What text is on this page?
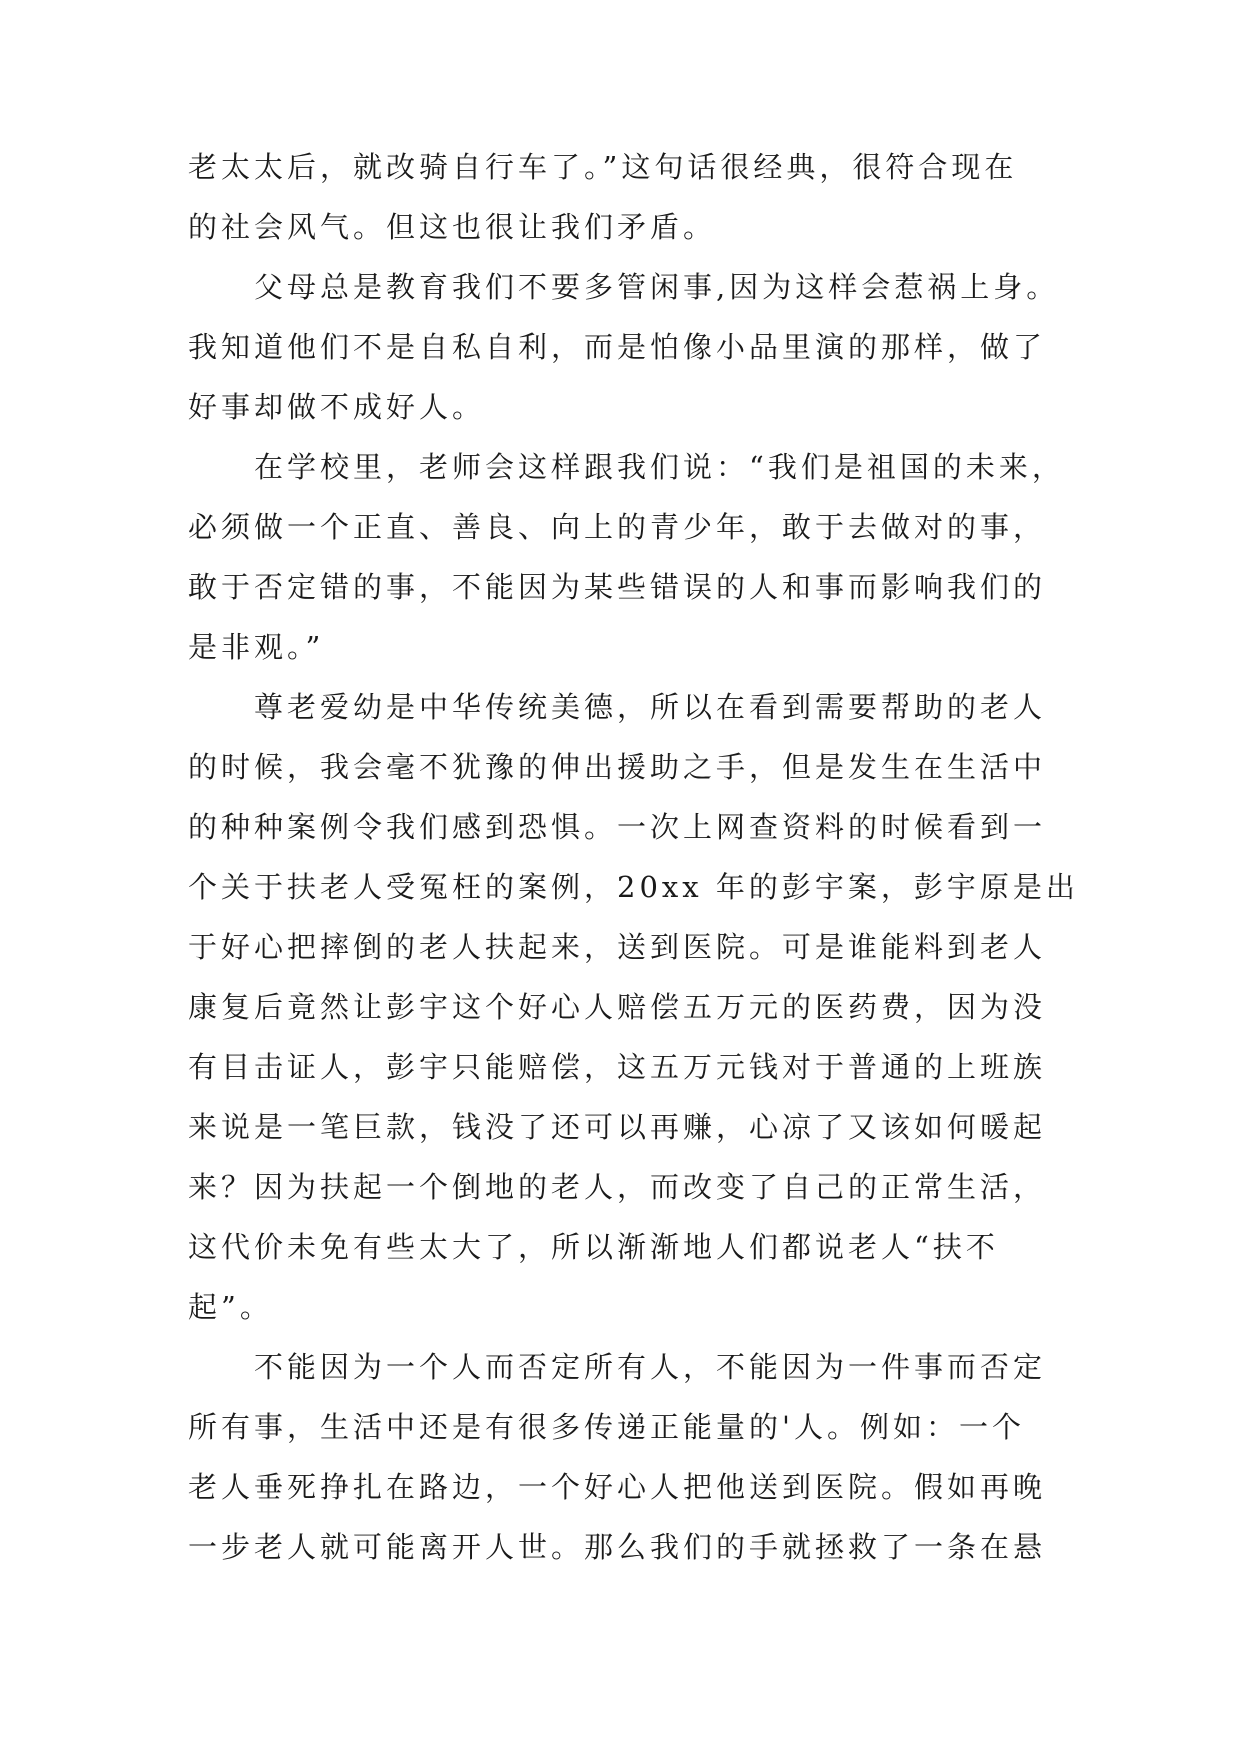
老太太后，就改骑自行车了。”这句话很经典，很符合现在
的社会风气。但这也很让我们矛盾。
父母总是教育我们不要多管闲事,因为这样会惹祸上身。
我知道他们不是自私自利，而是怕像小品里演的那样，做了
好事却做不成好人。
在学校里，老师会这样跟我们说：“我们是祖国的未来，
必须做一个正直、善良、向上的青少年，敢于去做对的事，
敢于否定错的事，不能因为某些错误的人和事而影响我们的
是非观。”
尊老爱幼是中华传统美德，所以在看到需要帮助的老人
的时候，我会毫不犹豫的伸出援助之手，但是发生在生活中
的种种案例令我们感到恐惧。一次上网查资料的时候看到一
个关于扶老人受冤枉的案例，20xx 年的彭宇案，彭宇原是出
于好心把摔倒的老人扶起来，送到医院。可是谁能料到老人
康复后竟然让彭宇这个好心人赔偿五万元的医药费，因为没
有目击证人，彭宇只能赔偿，这五万元钱对于普通的上班族
来说是一笔巨款，钱没了还可以再赚，心凉了又该如何暖起
来？因为扶起一个倒地的老人，而改变了自己的正常生活，
这代价未免有些太大了，所以渐渐地人们都说老人“扶不
起”。
不能因为一个人而否定所有人，不能因为一件事而否定
所有事，生活中还是有很多传递正能量的'人。例如：一个
老人垂死挣扎在路边，一个好心人把他送到医院。假如再晚
一步老人就可能离开人世。那么我们的手就拯救了一条在悬
